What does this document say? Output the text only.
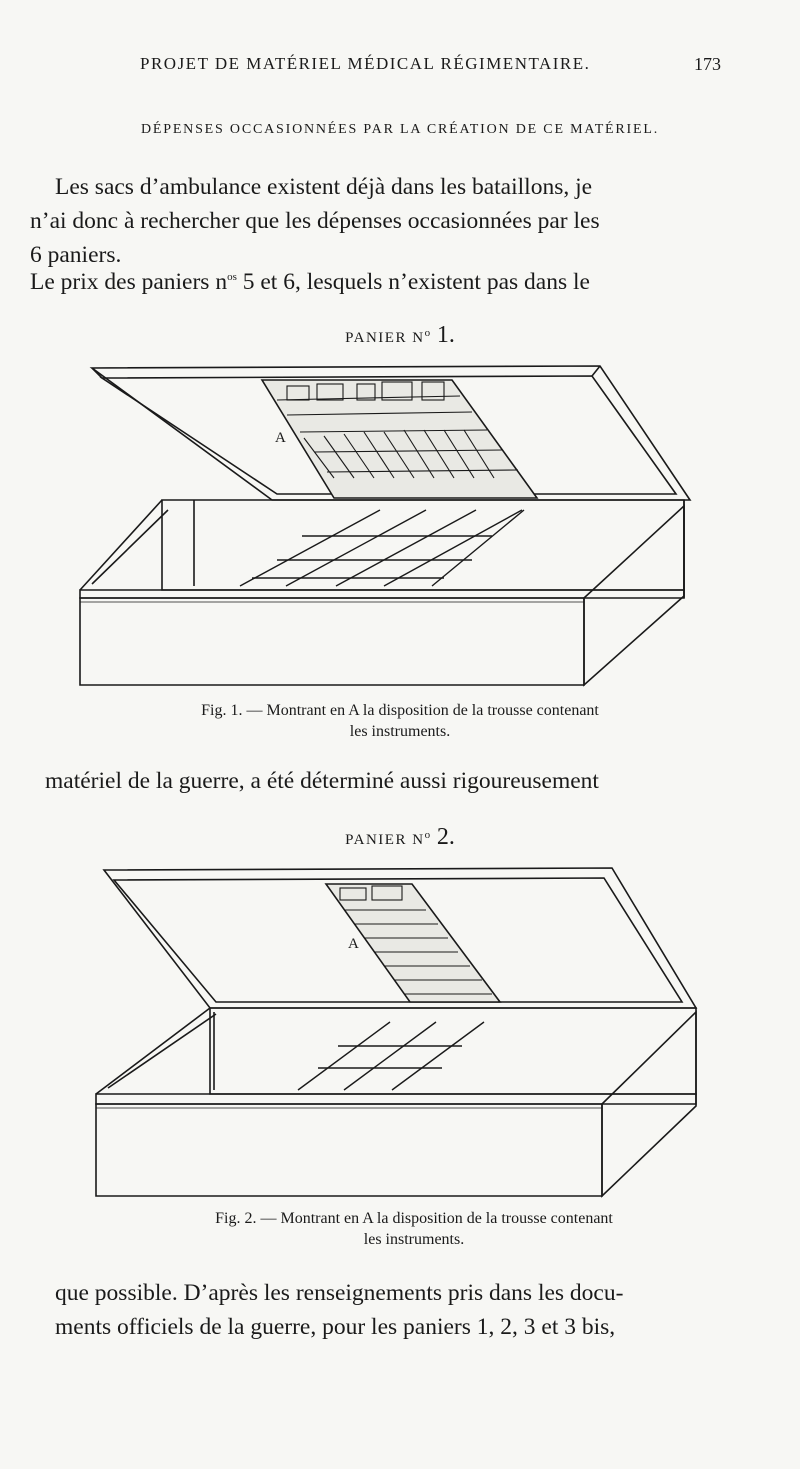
PROJET DE MATÉRIEL MÉDICAL RÉGIMENTAIRE.	173
DÉPENSES OCCASIONNÉES PAR LA CRÉATION DE CE MATÉRIEL.
Les sacs d’ambulance existent déjà dans les bataillons, je
n’ai donc à rechercher que les dépenses occasionnées par les
6 paniers.
Le prix des paniers $n^{os}$ 5 et 6, lesquels n’existent pas dans le
PANIER $N^o$ 1.
A
Fig. 1. — Montrant en A la disposition de la trousse contenant
les instruments.
matériel de la guerre, a été déterminé aussi rigoureusement
PANIER $N^o$ 2.
A
Fig. 2. — Montrant en A la disposition de la trousse contenant
les instruments.
que possible. D’après les renseignements pris dans les docu-
ments officiels de la guerre, pour les paniers 1, 2, 3 et 3 bis,
